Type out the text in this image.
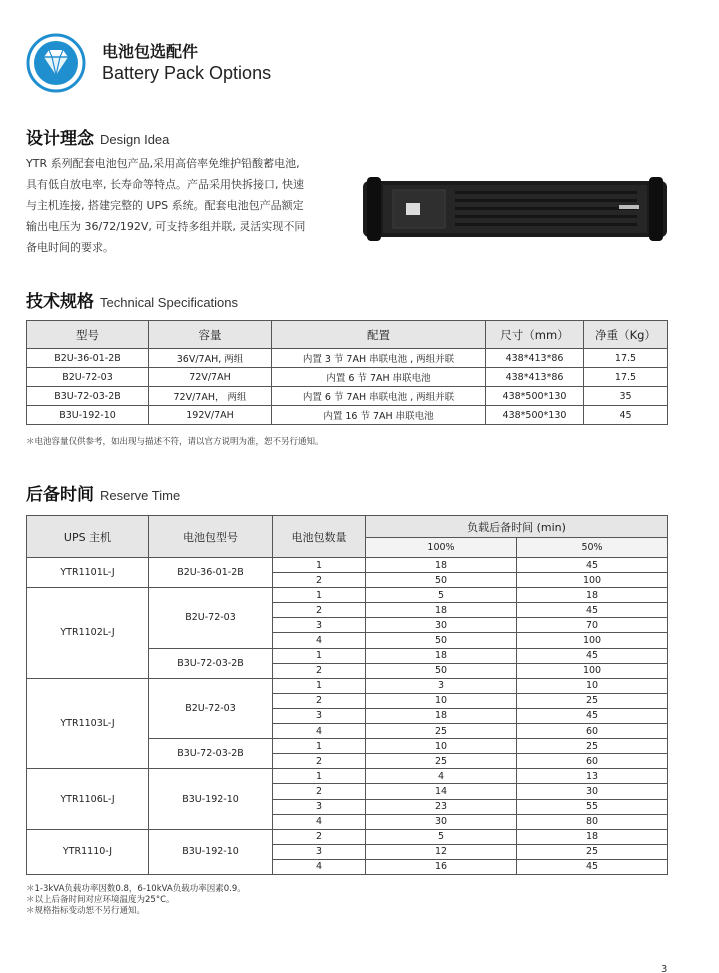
电池包选配件
Battery Pack Options
设计理念 Design Idea
YTR 系列配套电池包产品,采用高倍率免维护铅酸蓄电池,
具有低自放电率, 长寿命等特点。产品采用快拆接口, 快速
与主机连接, 搭建完整的 UPS 系统。配套电池包产品额定
输出电压为 36/72/192V, 可支持多组并联, 灵活实现不同
备电时间的要求。
技术规格 Technical Specifications
型号	容量	配置	尺寸（mm）	净重（Kg）
B2U-36-01-2B	36V/7AH, 两组	内置 3 节 7AH 串联电池 , 两组并联	438*413*86	17.5
B2U-72-03	72V/7AH	内置 6 节 7AH 串联电池	438*413*86	17.5
B3U-72-03-2B	72V/7AH， 两组	内置 6 节 7AH 串联电池 , 两组并联	438*500*130	35
B3U-192-10	192V/7AH	内置 16 节 7AH 串联电池	438*500*130	45
＊电池容量仅供参考，如出现与描述不符，请以官方说明为准，恕不另行通知。
后备时间 Reserve Time
UPS 主机	电池包型号	电池包数量	负载后备时间 (min)	
			100%	50%
YTR1101L-J	B2U-36-01-2B	1	18	45
		2	50	100
YTR1102L-J	B2U-72-03	1	5	18
		2	18	45
		3	30	70
		4	50	100
	B3U-72-03-2B	1	18	45
		2	50	100
YTR1103L-J	B2U-72-03	1	3	10
		2	10	25
		3	18	45
		4	25	60
	B3U-72-03-2B	1	10	25
		2	25	60
YTR1106L-J	B3U-192-10	1	4	13
		2	14	30
		3	23	55
		4	30	80
YTR1110-J	B3U-192-10	2	5	18
		3	12	25
		4	16	45
＊1-3kVA负载功率因数0.8，6-10kVA负载功率因素0.9。
＊以上后备时间对应环境温度为25°C。
＊规格指标变动恕不另行通知。
3
